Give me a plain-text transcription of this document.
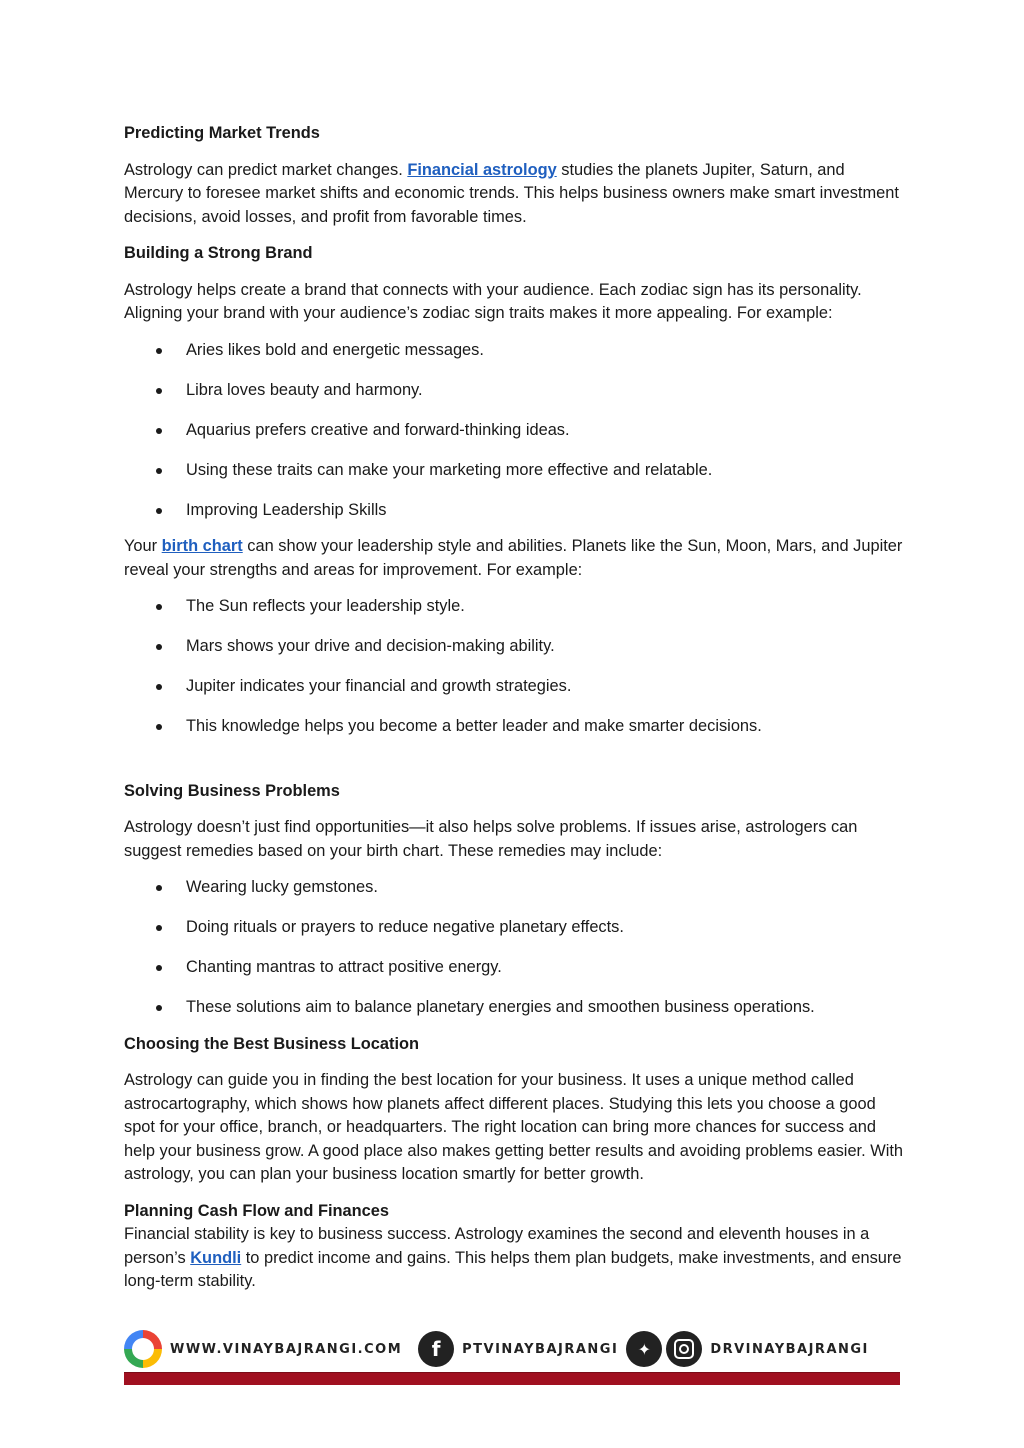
Predicting Market Trends

Astrology can predict market changes. Financial astrology studies the planets Jupiter, Saturn, and Mercury to foresee market shifts and economic trends. This helps business owners make smart investment decisions, avoid losses, and profit from favorable times.

Building a Strong Brand

Astrology helps create a brand that connects with your audience. Each zodiac sign has its personality. Aligning your brand with your audience’s zodiac sign traits makes it more appealing. For example:

Aries likes bold and energetic messages.
Libra loves beauty and harmony.
Aquarius prefers creative and forward-thinking ideas.
Using these traits can make your marketing more effective and relatable.
Improving Leadership Skills

Your birth chart can show your leadership style and abilities. Planets like the Sun, Moon, Mars, and Jupiter reveal your strengths and areas for improvement. For example:

The Sun reflects your leadership style.
Mars shows your drive and decision-making ability.
Jupiter indicates your financial and growth strategies.
This knowledge helps you become a better leader and make smarter decisions.
Solving Business Problems

Astrology doesn’t just find opportunities—it also helps solve problems. If issues arise, astrologers can suggest remedies based on your birth chart. These remedies may include:

Wearing lucky gemstones.
Doing rituals or prayers to reduce negative planetary effects.
Chanting mantras to attract positive energy.
These solutions aim to balance planetary energies and smoothen business operations.
Choosing the Best Business Location

Astrology can guide you in finding the best location for your business. It uses a unique method called astrocartography, which shows how planets affect different places. Studying this lets you choose a good spot for your office, branch, or headquarters. The right location can bring more chances for success and help your business grow. A good place also makes getting better results and avoiding problems easier. With astrology, you can plan your business location smartly for better growth.

Planning Cash Flow and Finances

Financial stability is key to business success. Astrology examines the second and eleventh houses in a person’s Kundli to predict income and gains. This helps them plan budgets, make investments, and ensure long-term stability.

WWW.VINAYBAJRANGI.COM	f	PTVINAYBAJRANGI	✦	DRVINAYBAJRANGI
